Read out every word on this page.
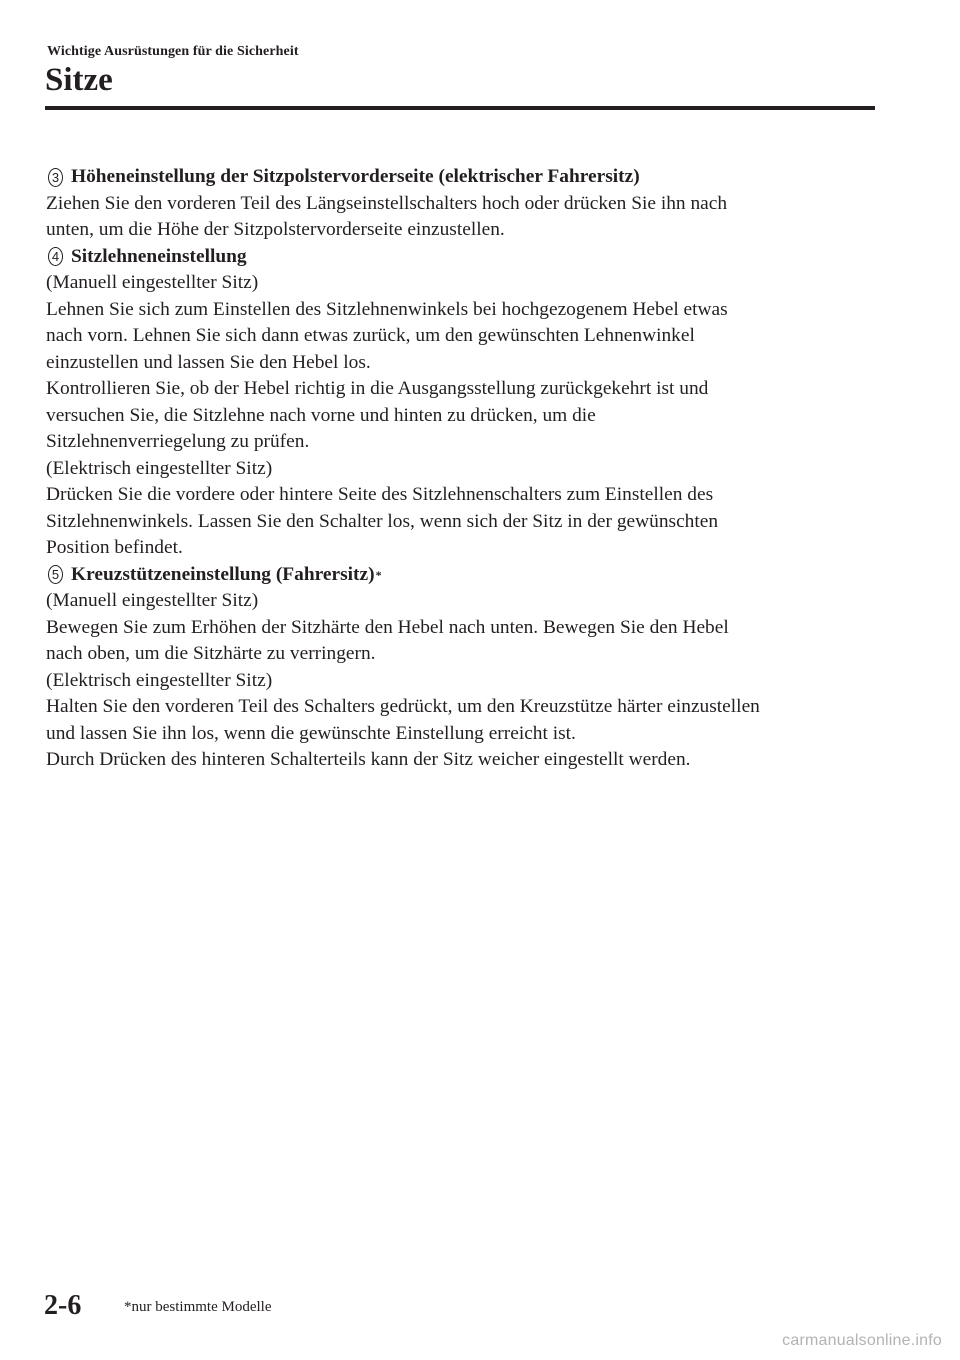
Wichtige Ausrüstungen für die Sicherheit
Sitze

3 Höheneinstellung der Sitzpolstervorderseite (elektrischer Fahrersitz)

Ziehen Sie den vorderen Teil des Längseinstellschalters hoch oder drücken Sie ihn nach

unten, um die Höhe der Sitzpolstervorderseite einzustellen.

4 Sitzlehneneinstellung

(Manuell eingestellter Sitz)

Lehnen Sie sich zum Einstellen des Sitzlehnenwinkels bei hochgezogenem Hebel etwas

nach vorn. Lehnen Sie sich dann etwas zurück, um den gewünschten Lehnenwinkel

einzustellen und lassen Sie den Hebel los.

Kontrollieren Sie, ob der Hebel richtig in die Ausgangsstellung zurückgekehrt ist und

versuchen Sie, die Sitzlehne nach vorne und hinten zu drücken, um die

Sitzlehnenverriegelung zu prüfen.

(Elektrisch eingestellter Sitz)

Drücken Sie die vordere oder hintere Seite des Sitzlehnenschalters zum Einstellen des

Sitzlehnenwinkels. Lassen Sie den Schalter los, wenn sich der Sitz in der gewünschten

Position befindet.

5 Kreuzstützeneinstellung (Fahrersitz) *

(Manuell eingestellter Sitz)

Bewegen Sie zum Erhöhen der Sitzhärte den Hebel nach unten. Bewegen Sie den Hebel

nach oben, um die Sitzhärte zu verringern.

(Elektrisch eingestellter Sitz)

Halten Sie den vorderen Teil des Schalters gedrückt, um den Kreuzstütze härter einzustellen

und lassen Sie ihn los, wenn die gewünschte Einstellung erreicht ist.

Durch Drücken des hinteren Schalterteils kann der Sitz weicher eingestellt werden.

2-6	*nur bestimmte Modelle
carmanualsonline.info
